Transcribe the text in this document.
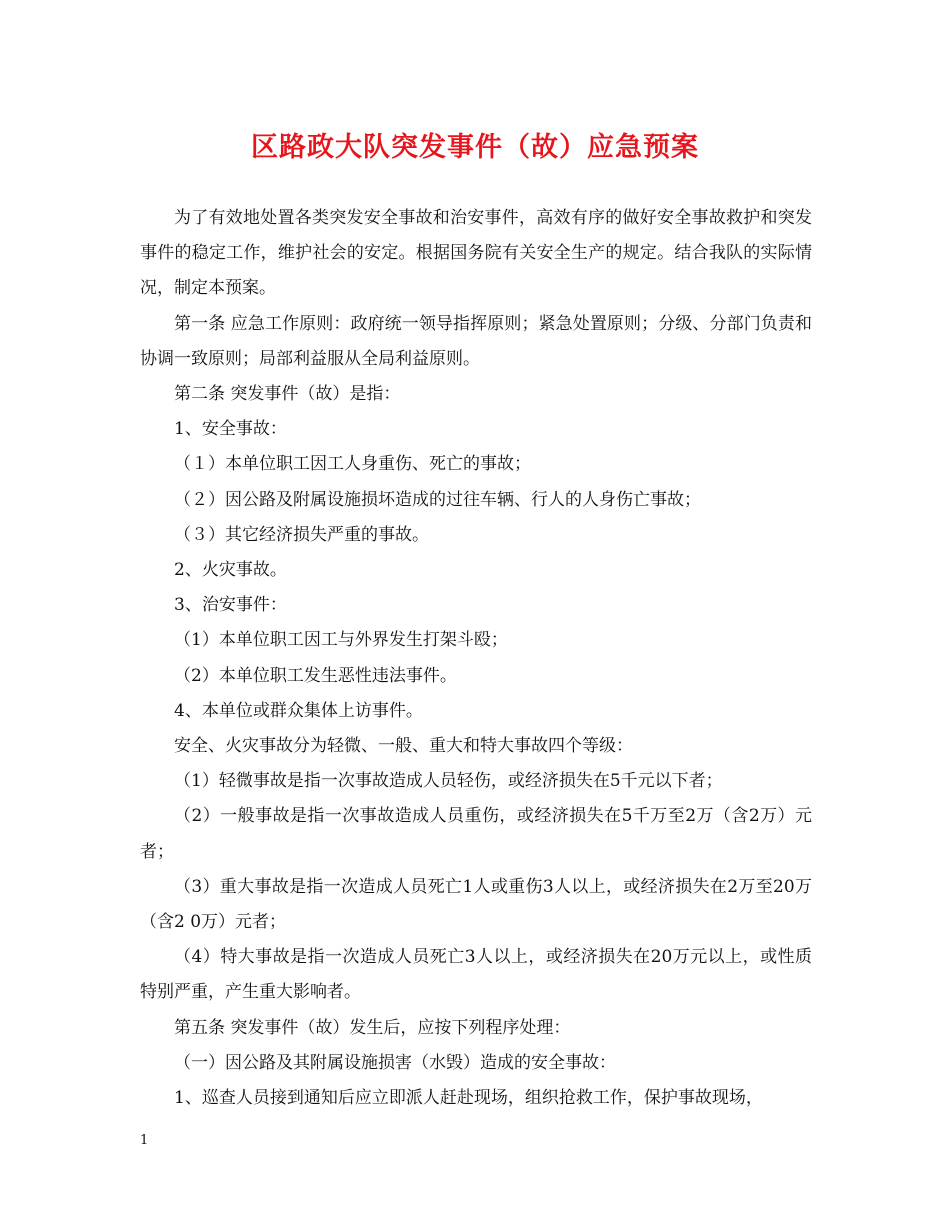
区路政大队突发事件（故）应急预案

为了有效地处置各类突发安全事故和治安事件，高效有序的做好安全事故救护和突发事件的稳定工作，维护社会的安定。根据国务院有关安全生产的规定。结合我队的实际情况，制定本预案。

第一条 应急工作原则：政府统一领导指挥原则；紧急处置原则；分级、分部门负责和协调一致原则；局部利益服从全局利益原则。

第二条 突发事件（故）是指：

1、安全事故：

（１）本单位职工因工人身重伤、死亡的事故；

（２）因公路及附属设施损坏造成的过往车辆、行人的人身伤亡事故；

（３）其它经济损失严重的事故。

2、火灾事故。

3、治安事件：

（1）本单位职工因工与外界发生打架斗殴；

（2）本单位职工发生恶性违法事件。

4、本单位或群众集体上访事件。

安全、火灾事故分为轻微、一般、重大和特大事故四个等级：

（1）轻微事故是指一次事故造成人员轻伤，或经济损失在5千元以下者；

（2）一般事故是指一次事故造成人员重伤，或经济损失在5千万至2万（含2万）元者；

（3）重大事故是指一次造成人员死亡1人或重伤3人以上，或经济损失在2万至20万（含2 0万）元者；

（4）特大事故是指一次造成人员死亡3人以上，或经济损失在20万元以上，或性质特别严重，产生重大影响者。

第五条 突发事件（故）发生后，应按下列程序处理：

（一）因公路及其附属设施损害（水毁）造成的安全事故：

1、巡查人员接到通知后应立即派人赶赴现场，组织抢救工作，保护事故现场，

1
